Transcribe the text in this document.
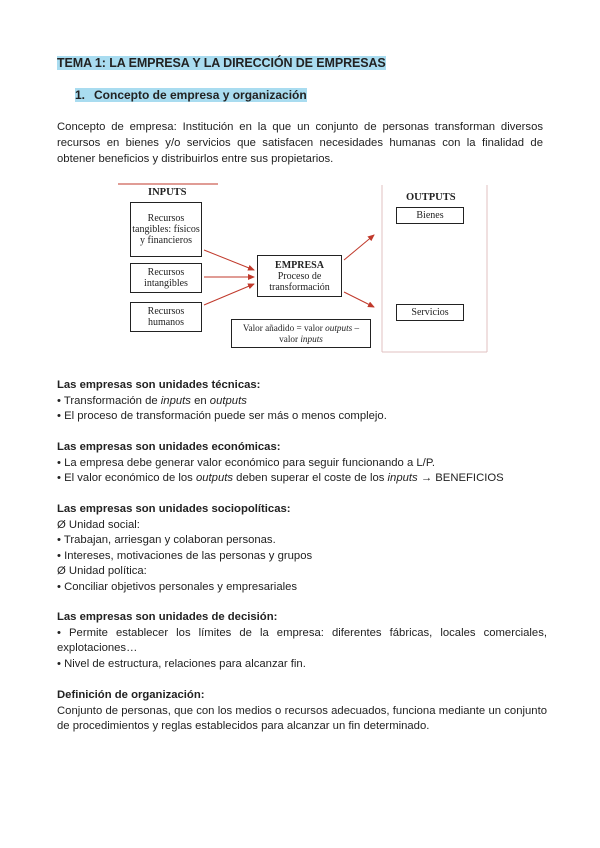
TEMA 1: LA EMPRESA Y LA DIRECCIÓN DE EMPRESAS
1. Concepto de empresa y organización
Concepto de empresa: Institución en la que un conjunto de personas transforman diversos recursos en bienes y/o servicios que satisfacen necesidades humanas con la finalidad de obtener beneficios y distribuirlos entre sus propietarios.
INPUTS	OUTPUTS
Recursos tangibles: físicos y financieros
Recursos intangibles
Recursos humanos
EMPRESA
Proceso de transformación
Valor añadido = valor outputs –
valor inputs
Bienes
Servicios
Las empresas son unidades técnicas:
• Transformación de inputs en outputs
• El proceso de transformación puede ser más o menos complejo.
Las empresas son unidades económicas:
• La empresa debe generar valor económico para seguir funcionando a L/P.
• El valor económico de los outputs deben superar el coste de los inputs → BENEFICIOS
Las empresas son unidades sociopolíticas:
Ø Unidad social:
• Trabajan, arriesgan y colaboran personas.
• Intereses, motivaciones de las personas y grupos
Ø Unidad política:
• Conciliar objetivos personales y empresariales
Las empresas son unidades de decisión:
• Permite establecer los límites de la empresa: diferentes fábricas, locales comerciales, explotaciones…
• Nivel de estructura, relaciones para alcanzar fin.
Definición de organización:
Conjunto de personas, que con los medios o recursos adecuados, funciona mediante un conjunto de procedimientos y reglas establecidos para alcanzar un fin determinado.
